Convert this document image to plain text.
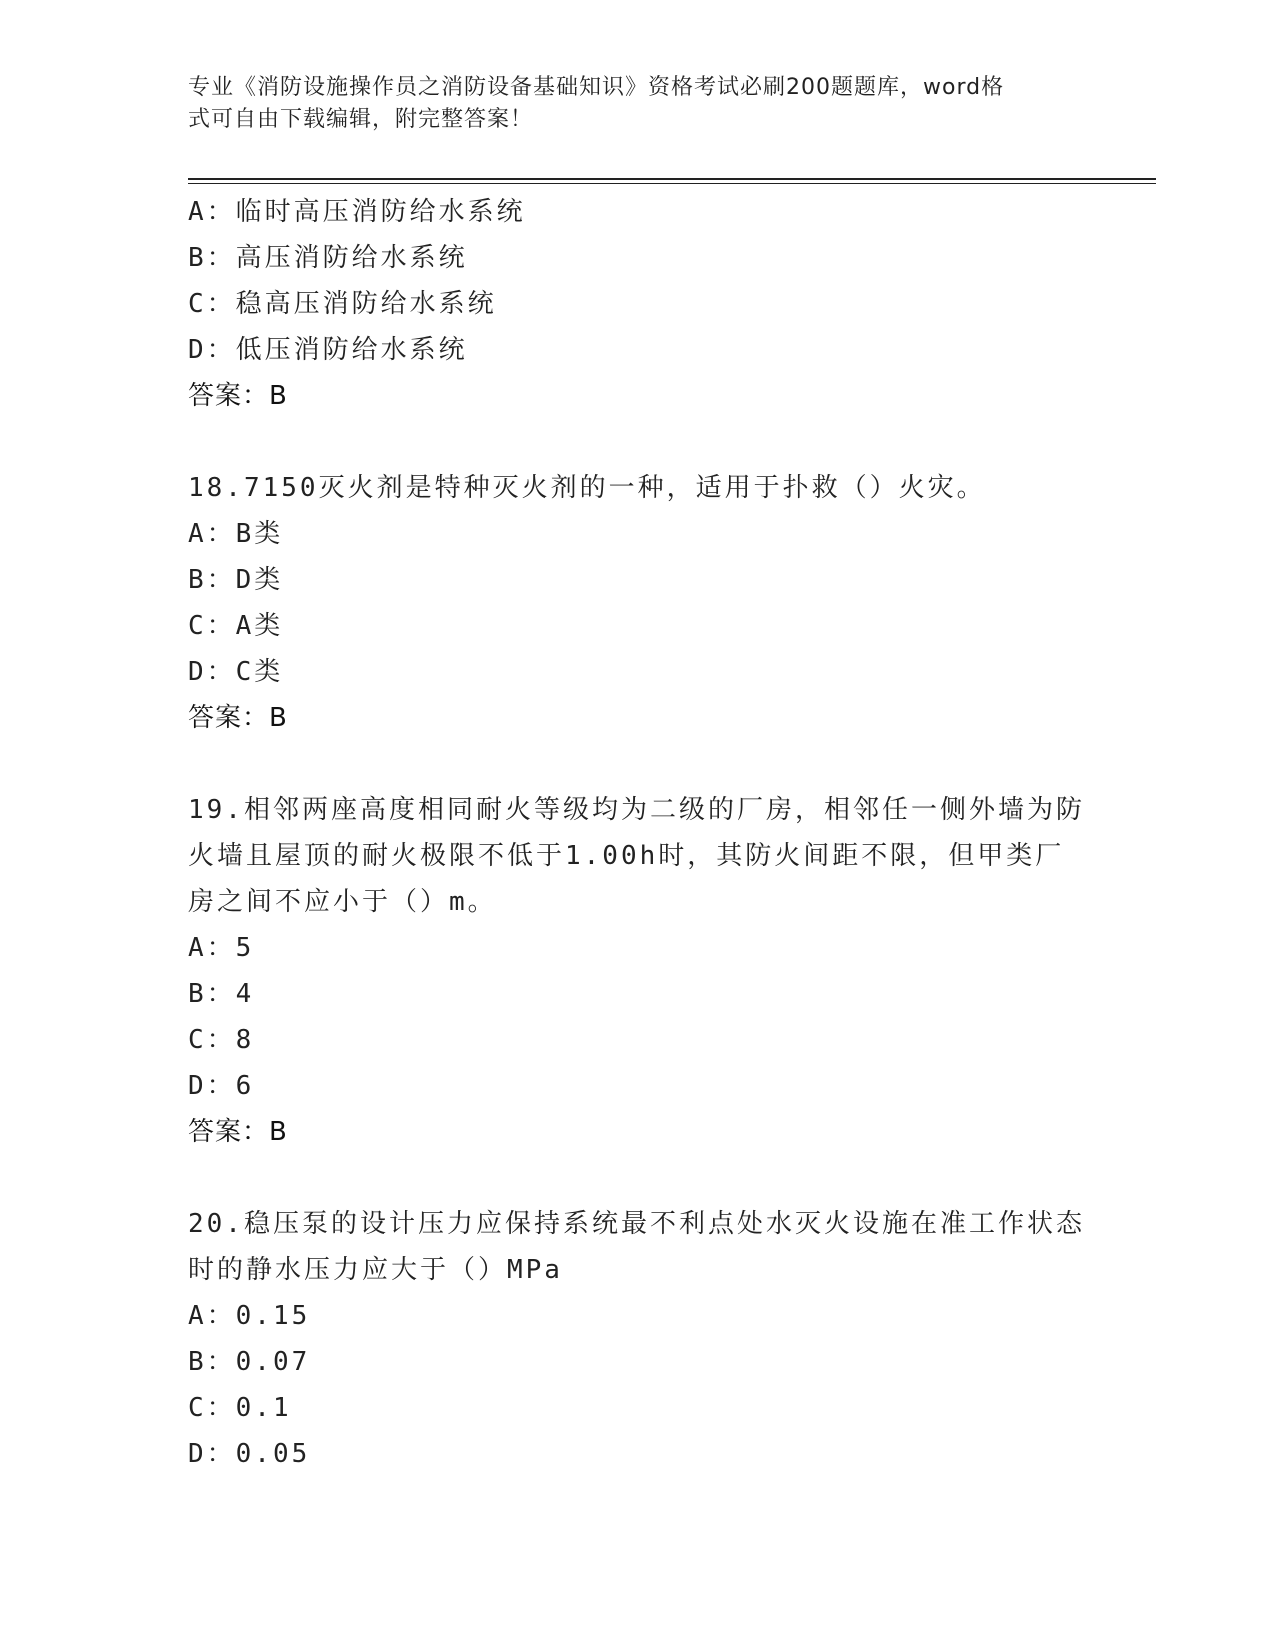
专业《消防设施操作员之消防设备基础知识》资格考试必刷200题题库，word格
式可自由下载编辑，附完整答案！
A：临时高压消防给水系统
B：高压消防给水系统
C：稳高压消防给水系统
D：低压消防给水系统
答案：B
18.7150灭火剂是特种灭火剂的一种，适用于扑救（）火灾。
A：B类
B：D类
C：A类
D：C类
答案：B
19.相邻两座高度相同耐火等级均为二级的厂房，相邻任一侧外墙为防
火墙且屋顶的耐火极限不低于1.00h时，其防火间距不限，但甲类厂
房之间不应小于（）m。
A：5
B：4
C：8
D：6
答案：B
20.稳压泵的设计压力应保持系统最不利点处水灭火设施在准工作状态
时的静水压力应大于（）MPa
A：0.15
B：0.07
C：0.1
D：0.05
